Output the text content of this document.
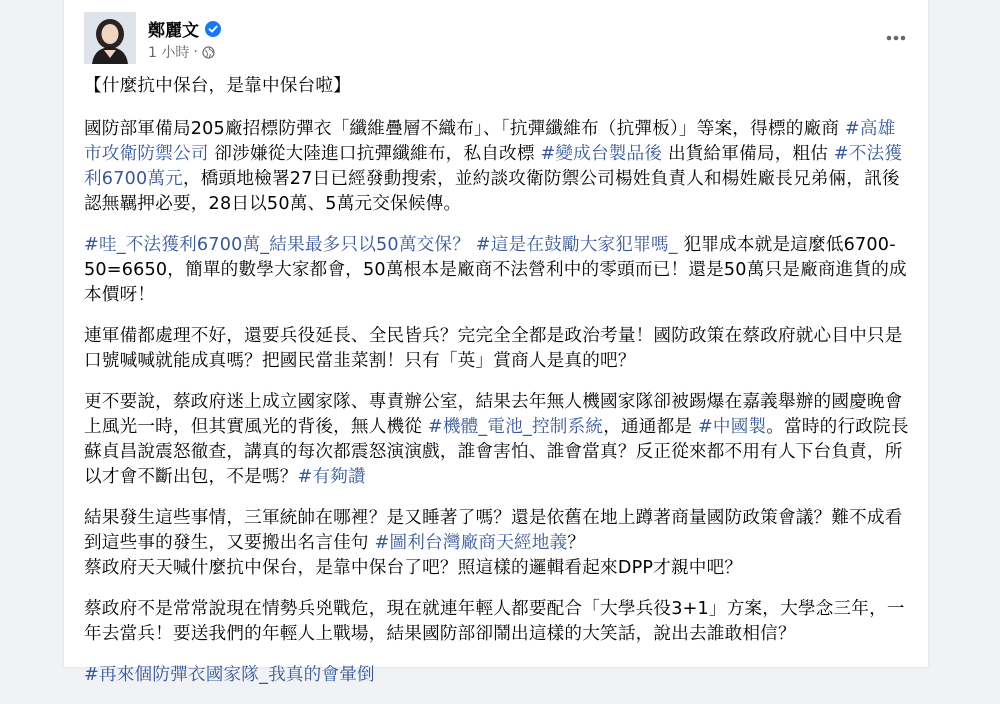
鄭麗文
1 小時 ·

【什麼抗中保台，是靠中保台啦】

國防部軍備局205廠招標防彈衣「纖維疊層不織布」、「抗彈纖維布（抗彈板）」等案，得標的廠商 #高雄市攻衛防禦公司 卻涉嫌從大陸進口抗彈纖維布，私自改標 #變成台製品後 出貨給軍備局，粗估 #不法獲利6700萬元，橋頭地檢署27日已經發動搜索，並約談攻衛防禦公司楊姓負責人和楊姓廠長兄弟倆，訊後認無羈押必要，28日以50萬、5萬元交保候傳。

#哇_不法獲利6700萬_結果最多只以50萬交保？ #這是在鼓勵大家犯罪嗎_ 犯罪成本就是這麼低6700-50=6650，簡單的數學大家都會，50萬根本是廠商不法營利中的零頭而已！還是50萬只是廠商進貨的成本價呀！

連軍備都處理不好，還要兵役延長、全民皆兵？完完全全都是政治考量！國防政策在蔡政府就心目中只是口號喊喊就能成真嗎？把國民當韭菜割！只有「英」賞商人是真的吧？

更不要說，蔡政府迷上成立國家隊、專責辦公室，結果去年無人機國家隊卻被踢爆在嘉義舉辦的國慶晚會上風光一時，但其實風光的背後，無人機從 #機體_電池_控制系統，通通都是 #中國製。當時的行政院長蘇貞昌說震怒徹查，講真的每次都震怒演演戲，誰會害怕、誰會當真？反正從來都不用有人下台負責，所以才會不斷出包，不是嗎？#有夠讚

結果發生這些事情，三軍統帥在哪裡？是又睡著了嗎？還是依舊在地上蹲著商量國防政策會議？難不成看到這些事的發生，又要搬出名言佳句 #圖利台灣廠商天經地義？
蔡政府天天喊什麼抗中保台，是靠中保台了吧？照這樣的邏輯看起來DPP才親中吧？

蔡政府不是常常說現在情勢兵兇戰危，現在就連年輕人都要配合「大學兵役3+1」方案，大學念三年，一年去當兵！要送我們的年輕人上戰場，結果國防部卻鬧出這樣的大笑話，說出去誰敢相信？

#再來個防彈衣國家隊_我真的會暈倒
